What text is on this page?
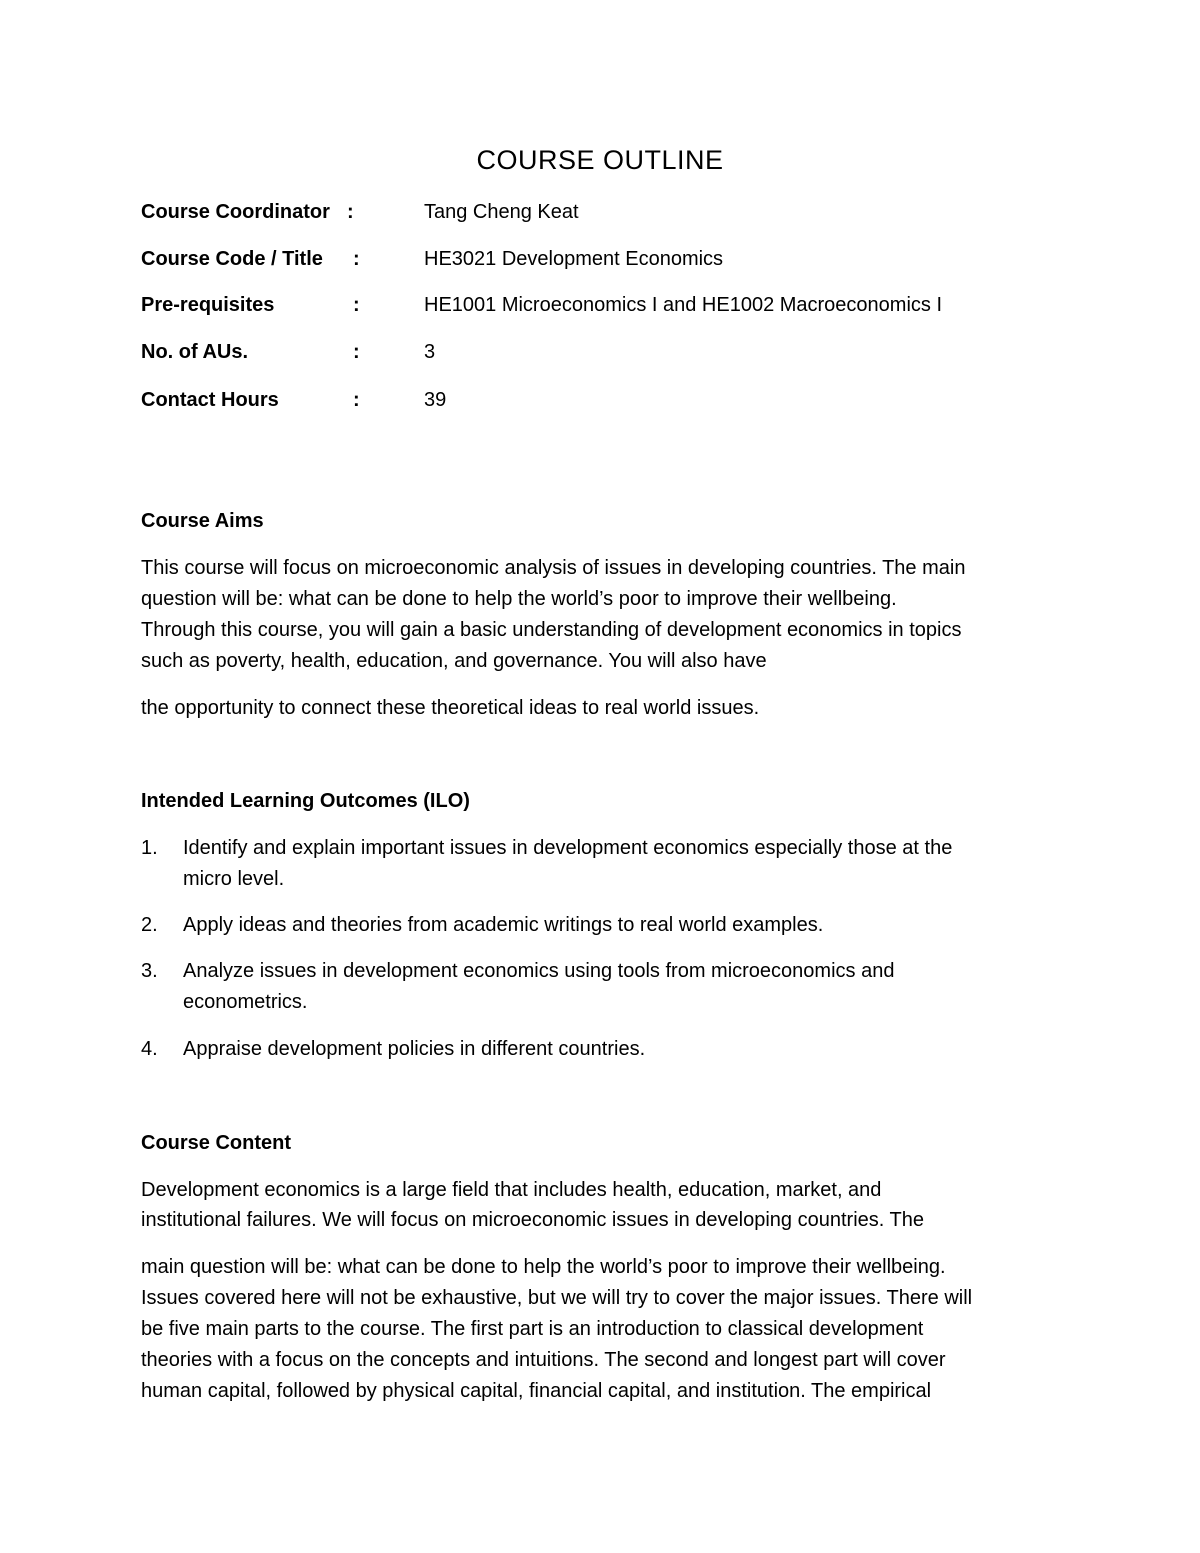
COURSE OUTLINE
Course Coordinator :	Tang Cheng Keat
Course Code / Title :	HE3021 Development Economics
Pre-requisites	:	HE1001 Microeconomics I and HE1002 Macroeconomics I
No. of AUs.	:	3
Contact Hours	:	39
Course Aims
This course will focus on microeconomic analysis of issues in developing countries. The main
question will be: what can be done to help the world’s poor to improve their wellbeing.
Through this course, you will gain a basic understanding of development economics in topics
such as poverty, health, education, and governance. You will also have
the opportunity to connect these theoretical ideas to real world issues.
Intended Learning Outcomes (ILO)
1. Identify and explain important issues in development economics especially those at the
micro level.
2. Apply ideas and theories from academic writings to real world examples.
3. Analyze issues in development economics using tools from microeconomics and
econometrics.
4. Appraise development policies in different countries.
Course Content
Development economics is a large field that includes health, education, market, and
institutional failures. We will focus on microeconomic issues in developing countries. The
main question will be: what can be done to help the world’s poor to improve their wellbeing.
Issues covered here will not be exhaustive, but we will try to cover the major issues. There will
be five main parts to the course. The first part is an introduction to classical development
theories with a focus on the concepts and intuitions. The second and longest part will cover
human capital, followed by physical capital, financial capital, and institution. The empirical
